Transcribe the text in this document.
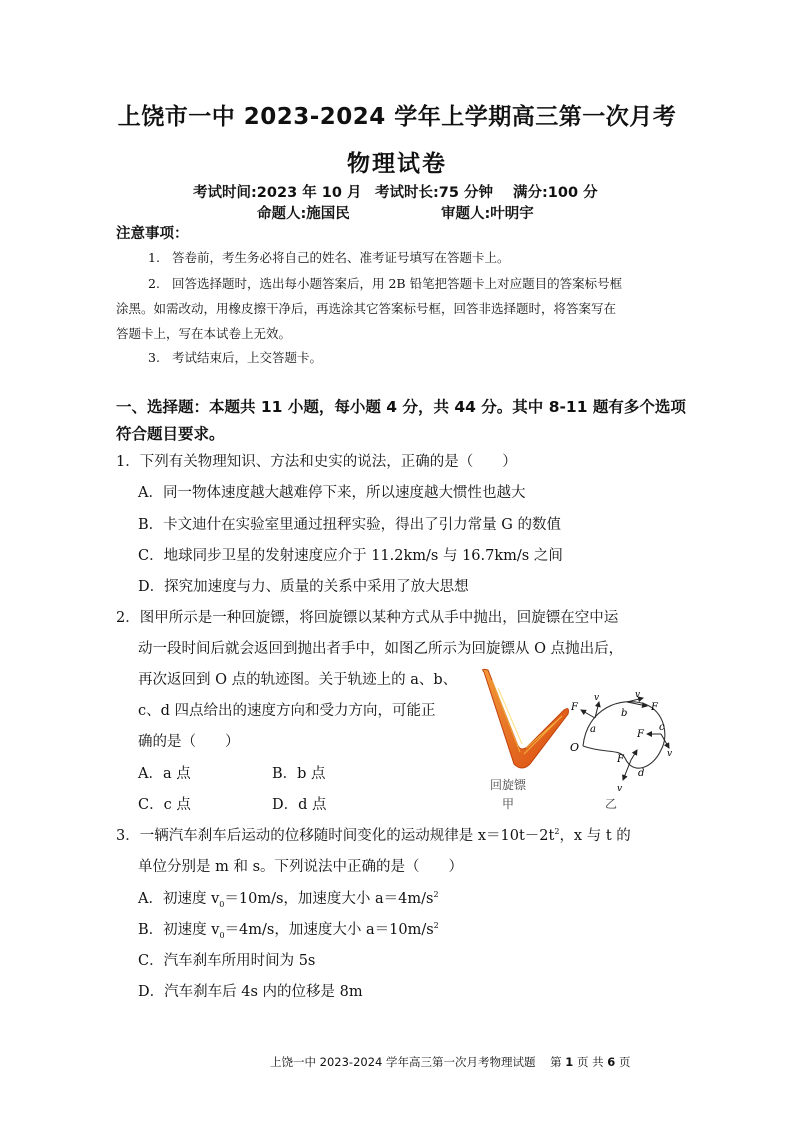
上饶市一中 2023-2024 学年上学期高三第一次月考
物理试卷
考试时间:2023 年 10 月 考试时长:75 分钟 满分:100 分
命题人:施国民	审题人:叶明宇
注意事项：
1. 答卷前，考生务必将自己的姓名、准考证号填写在答题卡上。
2. 回答选择题时，选出每小题答案后，用 2B 铅笔把答题卡上对应题目的答案标号框
涂黑。如需改动，用橡皮擦干净后，再选涂其它答案标号框，回答非选择题时，将答案写在
答题卡上，写在本试卷上无效。
3. 考试结束后，上交答题卡。
一、选择题：本题共 11 小题，每小题 4 分，共 44 分。其中 8-11 题有多个选项
符合题目要求。
1．下列有关物理知识、方法和史实的说法，正确的是（　　）
A．同一物体速度越大越难停下来，所以速度越大惯性也越大
B．卡文迪什在实验室里通过扭秤实验，得出了引力常量 G 的数值
C．地球同步卫星的发射速度应介于 11.2km/s 与 16.7km/s 之间
D．探究加速度与力、质量的关系中采用了放大思想
2．图甲所示是一种回旋镖，将回旋镖以某种方式从手中抛出，回旋镖在空中运
动一段时间后就会返回到抛出者手中，如图乙所示为回旋镖从 O 点抛出后，
再次返回到 O 点的轨迹图。关于轨迹上的 a、b、
c、d 四点给出的速度方向和受力方向，可能正
确的是（　　）
A．a 点	B．b 点
C．c 点	D．d 点
回旋镖
甲
O
a
b
c
d
F
v	v
F
F
v
F
v
乙
3．一辆汽车刹车后运动的位移随时间变化的运动规律是 $x=10t-2t^2$，x 与 t 的
单位分别是 m 和 s。下列说法中正确的是（　　）
A．初速度 $v_0=10m/s$，加速度大小 $a=4m/s^2$
B．初速度 $v_0=4m/s$，加速度大小 $a=10m/s^2$
C．汽车刹车所用时间为 5s
D．汽车刹车后 4s 内的位移是 8m
上饶一中 2023-2024 学年高三第一次月考物理试题 第 1 页 共 6 页
